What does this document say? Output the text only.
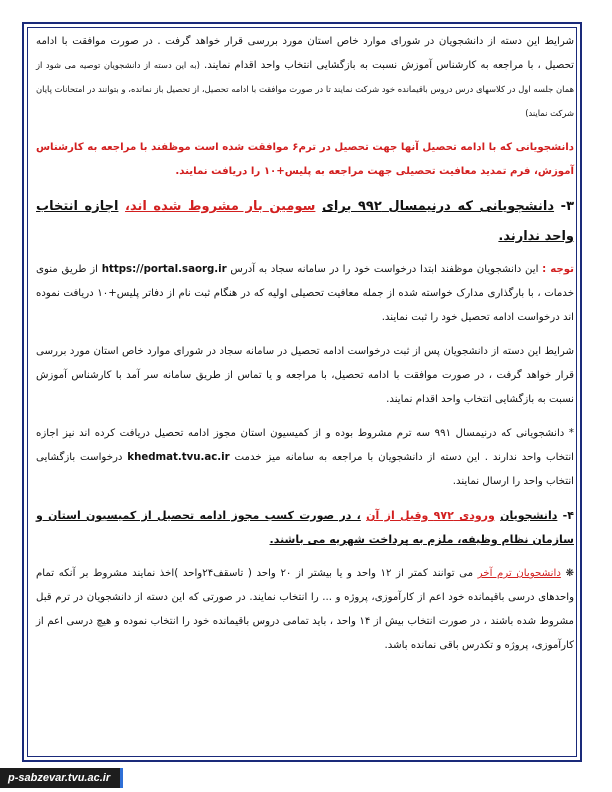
شرایط این دسته از دانشجویان در شورای موارد خاص استان مورد بررسی قرار خواهد گرفت . در صورت موافقت با ادامه تحصیل ، با مراجعه به کارشناس آموزش نسبت به بازگشایی انتخاب واحد اقدام نمایند. (به این دسته از دانشجویان توصیه می شود از همان جلسه اول در کلاسهای درس دروس باقیمانده خود شرکت نمایند تا در صورت موافقت با ادامه تحصیل، از تحصیل باز نمانده، و بتوانند در امتحانات پایان شرکت نمایند)

دانشجویانی که با ادامه تحصیل آنها جهت تحصیل در ترم۶ موافقت شده است موظفند با مراجعه به کارشناس آموزش، فرم تمدید معافیت تحصیلی جهت مراجعه به پلیس+۱۰ را دریافت نمایند.

۳- دانشجویانی که درنیمسال ۹۹۲ برای سومین بار مشروط شده اند، اجازه انتخاب واحد ندارند.

توجه : این دانشجویان موظفند ابتدا درخواست خود را در سامانه سجاد به آدرس https://portal.saorg.ir از طریق منوی خدمات ، با بارگذاری مدارک خواسته شده از جمله معافیت تحصیلی اولیه که در هنگام ثبت نام از دفاتر پلیس+۱۰ دریافت نموده اند درخواست ادامه تحصیل خود را ثبت نمایند.

شرایط این دسته از دانشجویان پس از ثبت درخواست ادامه تحصیل در سامانه سجاد در شورای موارد خاص استان مورد بررسی قرار خواهد گرفت ، در صورت موافقت با ادامه تحصیل، با مراجعه و یا تماس از طریق سامانه سر آمد با کارشناس آموزش نسبت به بازگشایی انتخاب واحد اقدام نمایند.

* دانشجویانی که درنیمسال ۹۹۱ سه ترم مشروط بوده و از کمیسیون استان مجوز ادامه تحصیل دریافت کرده اند نیز اجازه انتخاب واحد ندارند . این دسته از دانشجویان با مراجعه به سامانه میز خدمت khedmat.tvu.ac.ir درخواست بازگشایی انتخاب واحد را ارسال نمایند.

۴- دانشجویان ورودی ۹۷۲ وقبل از آن ، در صورت کسب مجوز ادامه تحصیل از کمیسیون استان و سازمان نظام وظیفه، ملزم به پرداخت شهریه می باشند.

❋ دانشجویان ترم آخر می توانند کمتر از ۱۲ واحد و یا بیشتر از ۲۰ واحد ( تاسقف۲۴واحد )اخذ نمایند مشروط بر آنکه تمام واحدهای درسی باقیمانده خود اعم از کارآموزی، پروژه و ... را انتخاب نمایند. در صورتی که این دسته از دانشجویان در ترم قبل مشروط شده باشند ، در صورت انتخاب بیش از ۱۴ واحد ، باید تمامی دروس باقیمانده خود را انتخاب نموده و هیچ درسی اعم از کارآموزی، پروژه و تکدرس باقی نمانده باشد.

p-sabzevar.tvu.ac.ir
